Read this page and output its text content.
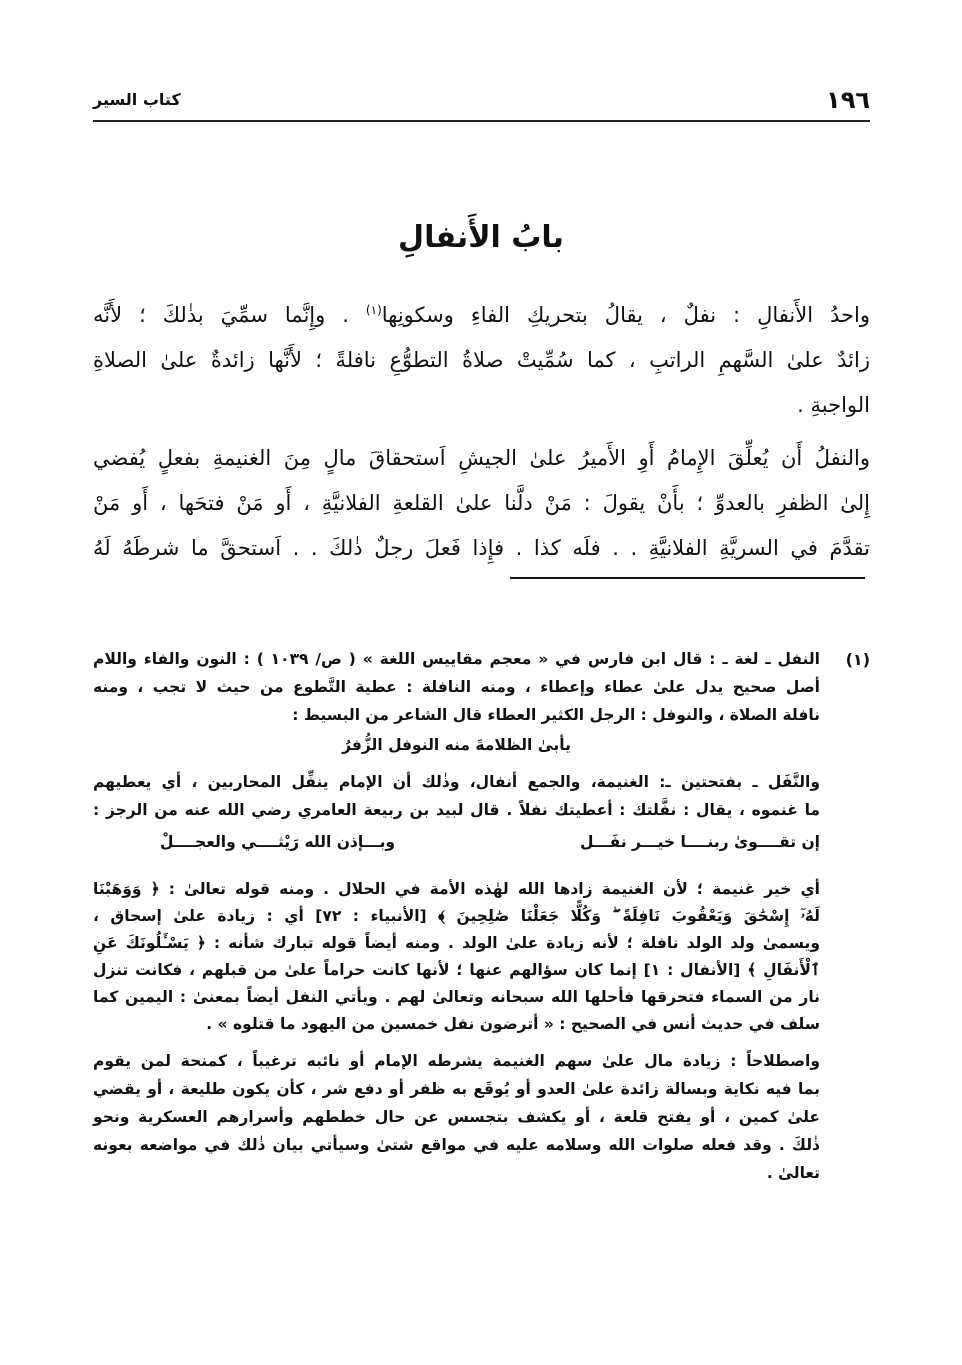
١٩٦
كتاب السير
بابُ الأَنفالِ
واحدُ الأَنفالِ : نفلٌ ، يقالُ بتحريكِ الفاءِ وسكونِها$^{(١)}$ . وإِنَّما سمِّيَ بذٰلكَ ؛ لأَنَّه
زائدٌ علىٰ السَّهمِ الراتبِ ، كما سُمِّيتْ صلاةُ التطوُّعِ نافلةً ؛ لأَنَّها زائدةٌ علىٰ الصلاةِ
الواجبةِ .
والنفلُ أَن يُعلِّقَ الإِمامُ أَوِ الأَميرُ علىٰ الجيشِ اَستحقاقَ مالٍ مِنَ الغنيمةِ بفعلٍ يُفضي
إِلىٰ الظفرِ بالعدوِّ ؛ بأَنْ يقولَ : مَنْ دلَّنا علىٰ القلعةِ الفلانيَّةِ ، أَو مَنْ فتحَها ، أَو مَنْ
تقدَّمَ في السريَّةِ الفلانيَّةِ . . فلَه كذا . فإِذا فَعلَ رجلٌ ذٰلكَ . . اَستحقَّ ما شرطَهُ لَهُ
(١)
النفل ـ لغة ـ : قال ابن فارس في « معجم مقاييس اللغة » ( ص/ ١٠٣٩ ) : النون والفاء واللام
أصل صحيح يدل علىٰ عطاء وإعطاء ، ومنه النافلة : عطية التَّطوع من حيث لا تجب ، ومنه
نافلة الصلاة ، والنوفل : الرجل الكثير العطاء قال الشاعر من البسيط :
يأبىٰ الظلامةَ منه النوفل الزُّفرُ
والنَّفَل ـ بفتحتين ـ: الغنيمة، والجمع أنفال، وذٰلك أن الإمام ينفِّل المحاربين ، أي يعطيهم
ما غنموه ، يقال : نفَّلتك : أعطيتك نفلاً . قال لبيد بن ربيعة العامري رضي الله عنه من الرجز :
إن تقــــوىٰ ربنــــا خيـــر نفَـــل
وبـــإذن الله رَيْثــــي والعجــــلْ
أي خير غنيمة ؛ لأن الغنيمة زادها الله لهٰذه الأمة في الحلال . ومنه قوله تعالىٰ : ﴿ وَوَهَبْنَا
لَهُۥٓ إِسْحَٰقَ وَيَعْقُوبَ نَافِلَةً ۖ وَكُلًّا جَعَلْنَا صَٰلِحِينَ ﴾ [الأنبياء : ٧٢] أي : زيادة علىٰ إسحاق ،
ويسمىٰ ولد الولد نافلة ؛ لأنه زيادة علىٰ الولد . ومنه أيضاً قوله تبارك شأنه : ﴿ يَسْـَٔلُونَكَ عَنِ
ٱلْأَنفَالِ ﴾ [الأنفال : ١] إنما كان سؤالهم عنها ؛ لأنها كانت حراماً علىٰ من قبلهم ، فكانت تنزل
نار من السماء فتحرقها فأحلها الله سبحانه وتعالىٰ لهم . ويأتي النفل أيضاً بمعنىٰ : اليمين كما
سلف في حديث أنس في الصحيح : « أترضون نفل خمسين من اليهود ما قتلوه » .
واصطلاحاً : زيادة مال علىٰ سهم الغنيمة يشرطه الإمام أو نائبه ترغيباً ، كمنحة لمن يقوم
بما فيه نكاية وبسالة زائدة علىٰ العدو أو يُوقَع به ظفر أو دفع شر ، كأن يكون طليعة ، أو يقضي
علىٰ كمين ، أو يفتح قلعة ، أو يكشف بتجسس عن حال خططهم وأسرارهم العسكرية ونحو
ذٰلكَ . وقد فعله صلوات الله وسلامه عليه في مواقع شتىٰ وسيأتي بيان ذٰلك في مواضعه بعونه
تعالىٰ .
